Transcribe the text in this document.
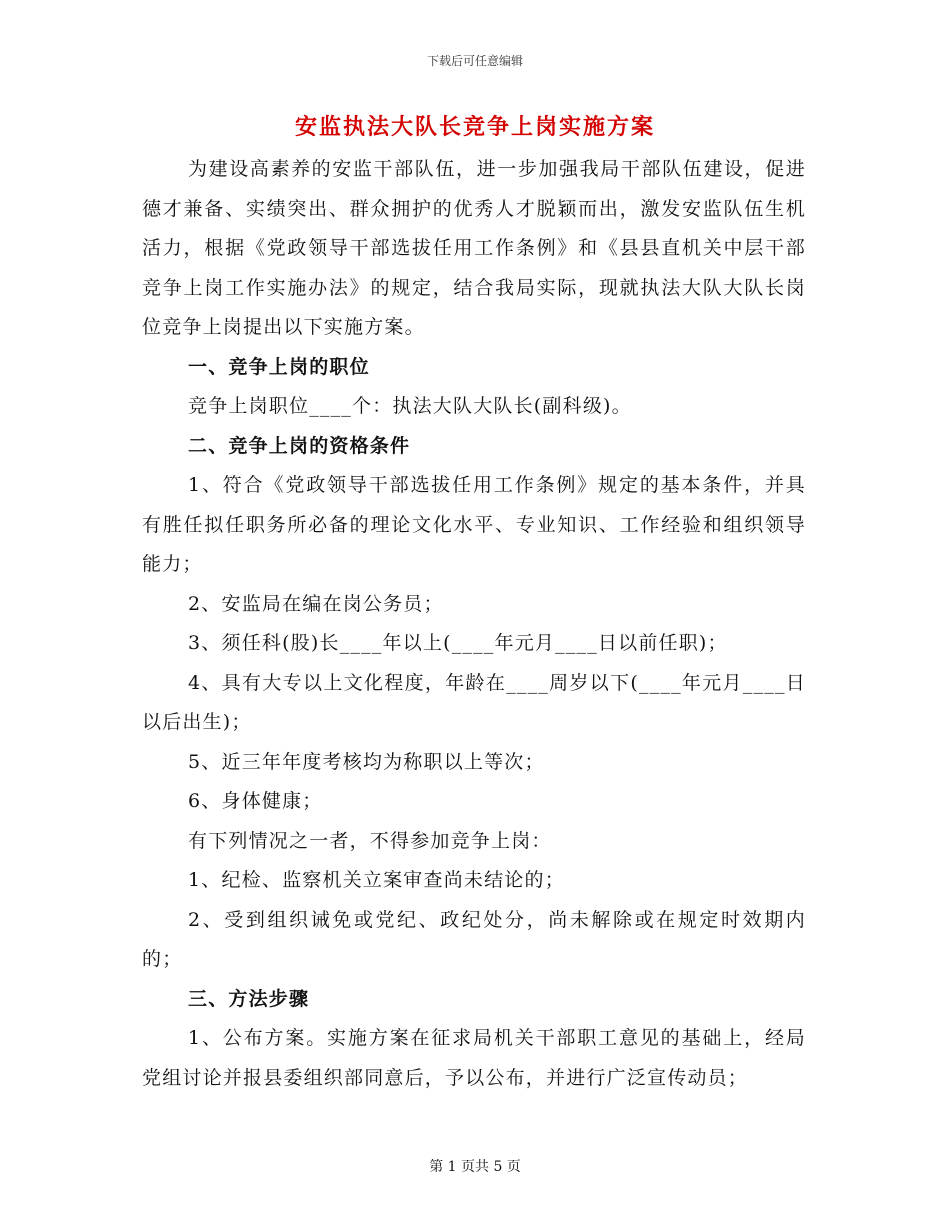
下载后可任意编辑
安监执法大队长竞争上岗实施方案

为建设高素养的安监干部队伍，进一步加强我局干部队伍建设，促进德才兼备、实绩突出、群众拥护的优秀人才脱颖而出，激发安监队伍生机活力，根据《党政领导干部选拔任用工作条例》和《县县直机关中层干部竞争上岗工作实施办法》的规定，结合我局实际，现就执法大队大队长岗位竞争上岗提出以下实施方案。

一、竞争上岗的职位

竞争上岗职位____个：执法大队大队长(副科级)。

二、竞争上岗的资格条件

1、符合《党政领导干部选拔任用工作条例》规定的基本条件，并具有胜任拟任职务所必备的理论文化水平、专业知识、工作经验和组织领导能力；

2、安监局在编在岗公务员；

3、须任科(股)长____年以上(____年元月____日以前任职)；

4、具有大专以上文化程度，年龄在____周岁以下(____年元月____日以后出生)；

5、近三年年度考核均为称职以上等次；

6、身体健康；

有下列情况之一者，不得参加竞争上岗：

1、纪检、监察机关立案审查尚未结论的；

2、受到组织诫免或党纪、政纪处分，尚未解除或在规定时效期内的；

三、方法步骤

1、公布方案。实施方案在征求局机关干部职工意见的基础上，经局党组讨论并报县委组织部同意后，予以公布，并进行广泛宣传动员；

第 1 页共 5 页
